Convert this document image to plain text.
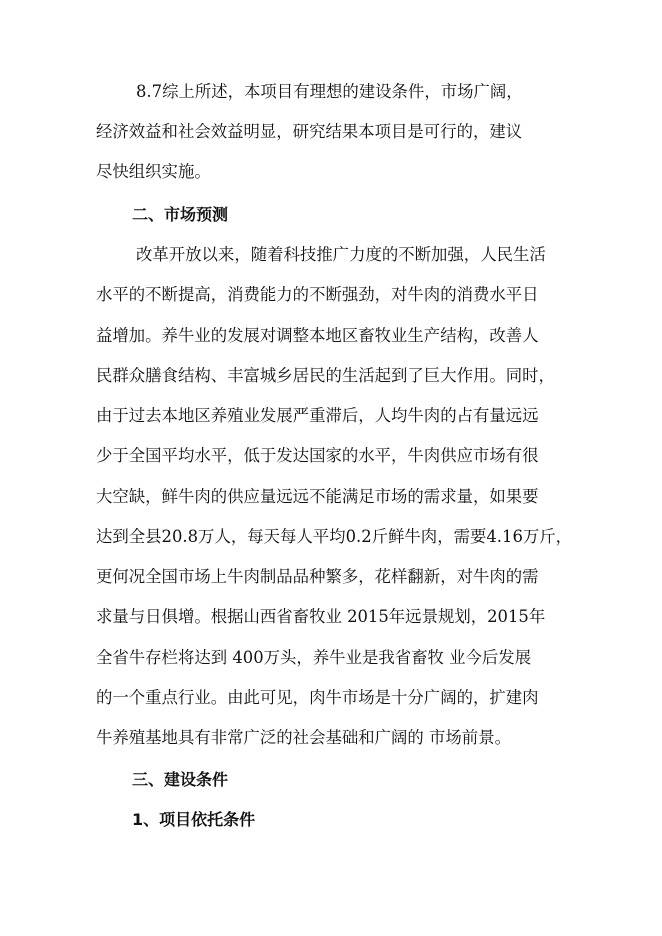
8.7综上所述，本项目有理想的建设条件，市场广阔，
经济效益和社会效益明显，研究结果本项目是可行的，建议
尽快组织实施。
二、市场预测
改革开放以来，随着科技推广力度的不断加强，人民生活
水平的不断提高，消费能力的不断强劲，对牛肉的消费水平日
益增加。养牛业的发展对调整本地区畜牧业生产结构，改善人
民群众膳食结构、丰富城乡居民的生活起到了巨大作用。同时，
由于过去本地区养殖业发展严重滞后，人均牛肉的占有量远远
少于全国平均水平，低于发达国家的水平，牛肉供应市场有很
大空缺，鲜牛肉的供应量远远不能满足市场的需求量，如果要
达到全县20.8万人，每天每人平均0.2斤鲜牛肉，需要4.16万斤，
更何况全国市场上牛肉制品品种繁多，花样翻新，对牛肉的需
求量与日俱增。根据山西省畜牧业 2015年远景规划，2015年
全省牛存栏将达到 400万头，养牛业是我省畜牧 业今后发展
的一个重点行业。由此可见，肉牛市场是十分广阔的，扩建肉
牛养殖基地具有非常广泛的社会基础和广阔的 市场前景。
三、建设条件
1、项目依托条件
